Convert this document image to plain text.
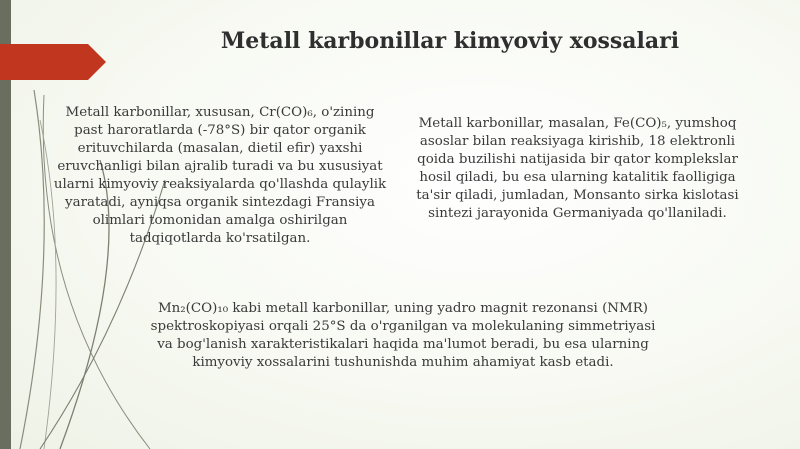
Metall karbonillar kimyoviy xossalari

Metall karbonillar, xususan, Cr(CO)₆, o'zining past haroratlarda (-78°S) bir qator organik erituvchilarda (masalan, dietil efir) yaxshi eruvchanligi bilan ajralib turadi va bu xususiyat ularni kimyoviy reaksiyalarda qo'llashda qulaylik yaratadi, ayniqsa organik sintezdagi Fransiya olimlari tomonidan amalga oshirilgan tadqiqotlarda ko'rsatilgan.

Metall karbonillar, masalan, Fe(CO)₅, yumshoq asoslar bilan reaksiyaga kirishib, 18 elektronli qoida buzilishi natijasida bir qator komplekslar hosil qiladi, bu esa ularning katalitik faolligiga ta'sir qiladi, jumladan, Monsanto sirka kislotasi sintezi jarayonida Germaniyada qo'llaniladi.

Mn₂(CO)₁₀ kabi metall karbonillar, uning yadro magnit rezonansi (NMR) spektroskopiyasi orqali 25°S da o'rganilgan va molekulaning simmetriyasi va bog'lanish xarakteristikalari haqida ma'lumot beradi, bu esa ularning kimyoviy xossalarini tushunishda muhim ahamiyat kasb etadi.
